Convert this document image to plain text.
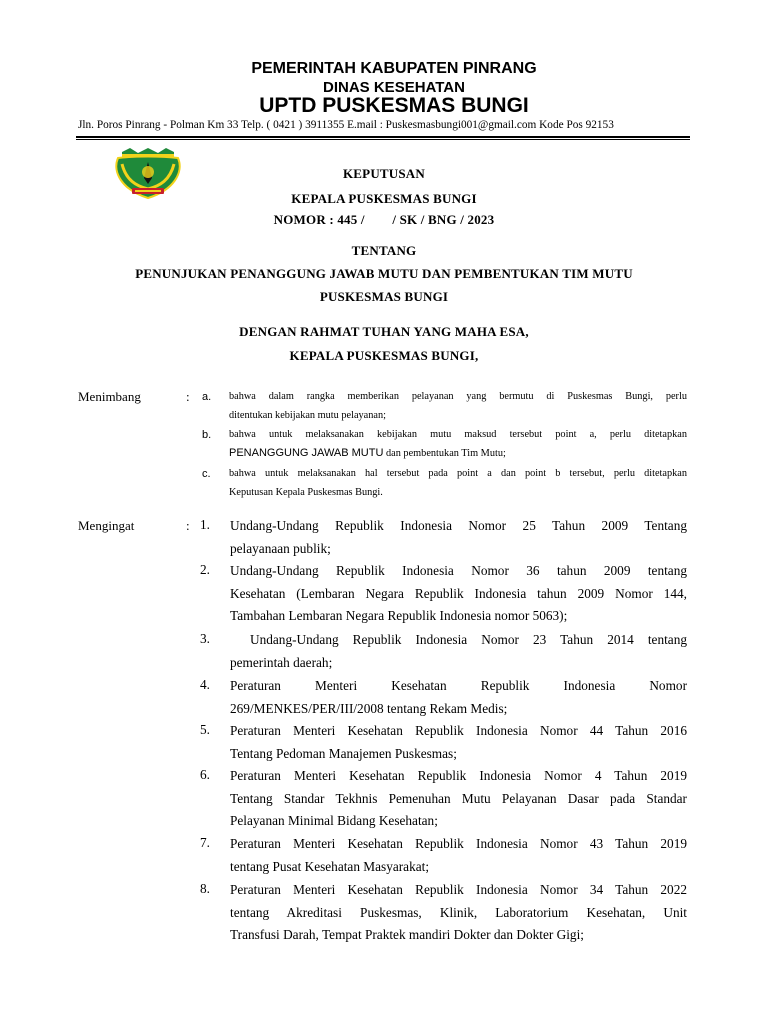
PEMERINTAH KABUPATEN PINRANG
DINAS KESEHATAN
UPTD PUSKESMAS BUNGI
Jln. Poros Pinrang - Polman Km 33 Telp. ( 0421 ) 3911355 E.mail : Puskesmasbungi001@gmail.com Kode Pos 92153
KEPUTUSAN
KEPALA PUSKESMAS BUNGI
NOMOR : 445 /        / SK / BNG / 2023
TENTANG
PENUNJUKAN PENANGGUNG JAWAB MUTU DAN PEMBENTUKAN TIM MUTU
PUSKESMAS BUNGI
DENGAN RAHMAT TUHAN YANG MAHA ESA,
KEPALA PUSKESMAS BUNGI,
Menimbang	: a. bahwa dalam rangka memberikan pelayanan yang bermutu di Puskesmas Bungi, perlu
ditentukan kebijakan mutu pelayanan;
b. bahwa untuk melaksanakan kebijakan mutu maksud tersebut point a, perlu ditetapkan
PENANGGUNG JAWAB MUTU dan pembentukan Tim Mutu;
c. bahwa untuk melaksanakan hal tersebut pada point a dan point b tersebut, perlu ditetapkan
Keputusan Kepala Puskesmas Bungi.
Mengingat	: 1. Undang-Undang Republik Indonesia Nomor 25 Tahun 2009 Tentang
pelayanaan publik;
2. Undang-Undang Republik Indonesia Nomor 36 tahun 2009 tentang
Kesehatan (Lembaran Negara Republik Indonesia tahun 2009 Nomor 144,
Tambahan Lembaran Negara Republik Indonesia nomor 5063);
3.	Undang-Undang Republik Indonesia Nomor 23 Tahun 2014 tentang
pemerintah daerah;
4. Peraturan Menteri Kesehatan Republik Indonesia Nomor
269/MENKES/PER/III/2008 tentang Rekam Medis;
5. Peraturan Menteri Kesehatan Republik Indonesia Nomor 44 Tahun 2016
Tentang Pedoman Manajemen Puskesmas;
6. Peraturan Menteri Kesehatan Republik Indonesia Nomor 4 Tahun 2019
Tentang Standar Tekhnis Pemenuhan Mutu Pelayanan Dasar pada Standar
Pelayanan Minimal Bidang Kesehatan;
7. Peraturan Menteri Kesehatan Republik Indonesia Nomor 43 Tahun 2019
tentang Pusat Kesehatan Masyarakat;
8. Peraturan Menteri Kesehatan Republik Indonesia Nomor 34 Tahun 2022
tentang Akreditasi Puskesmas, Klinik, Laboratorium Kesehatan, Unit
Transfusi Darah, Tempat Praktek mandiri Dokter dan Dokter Gigi;
